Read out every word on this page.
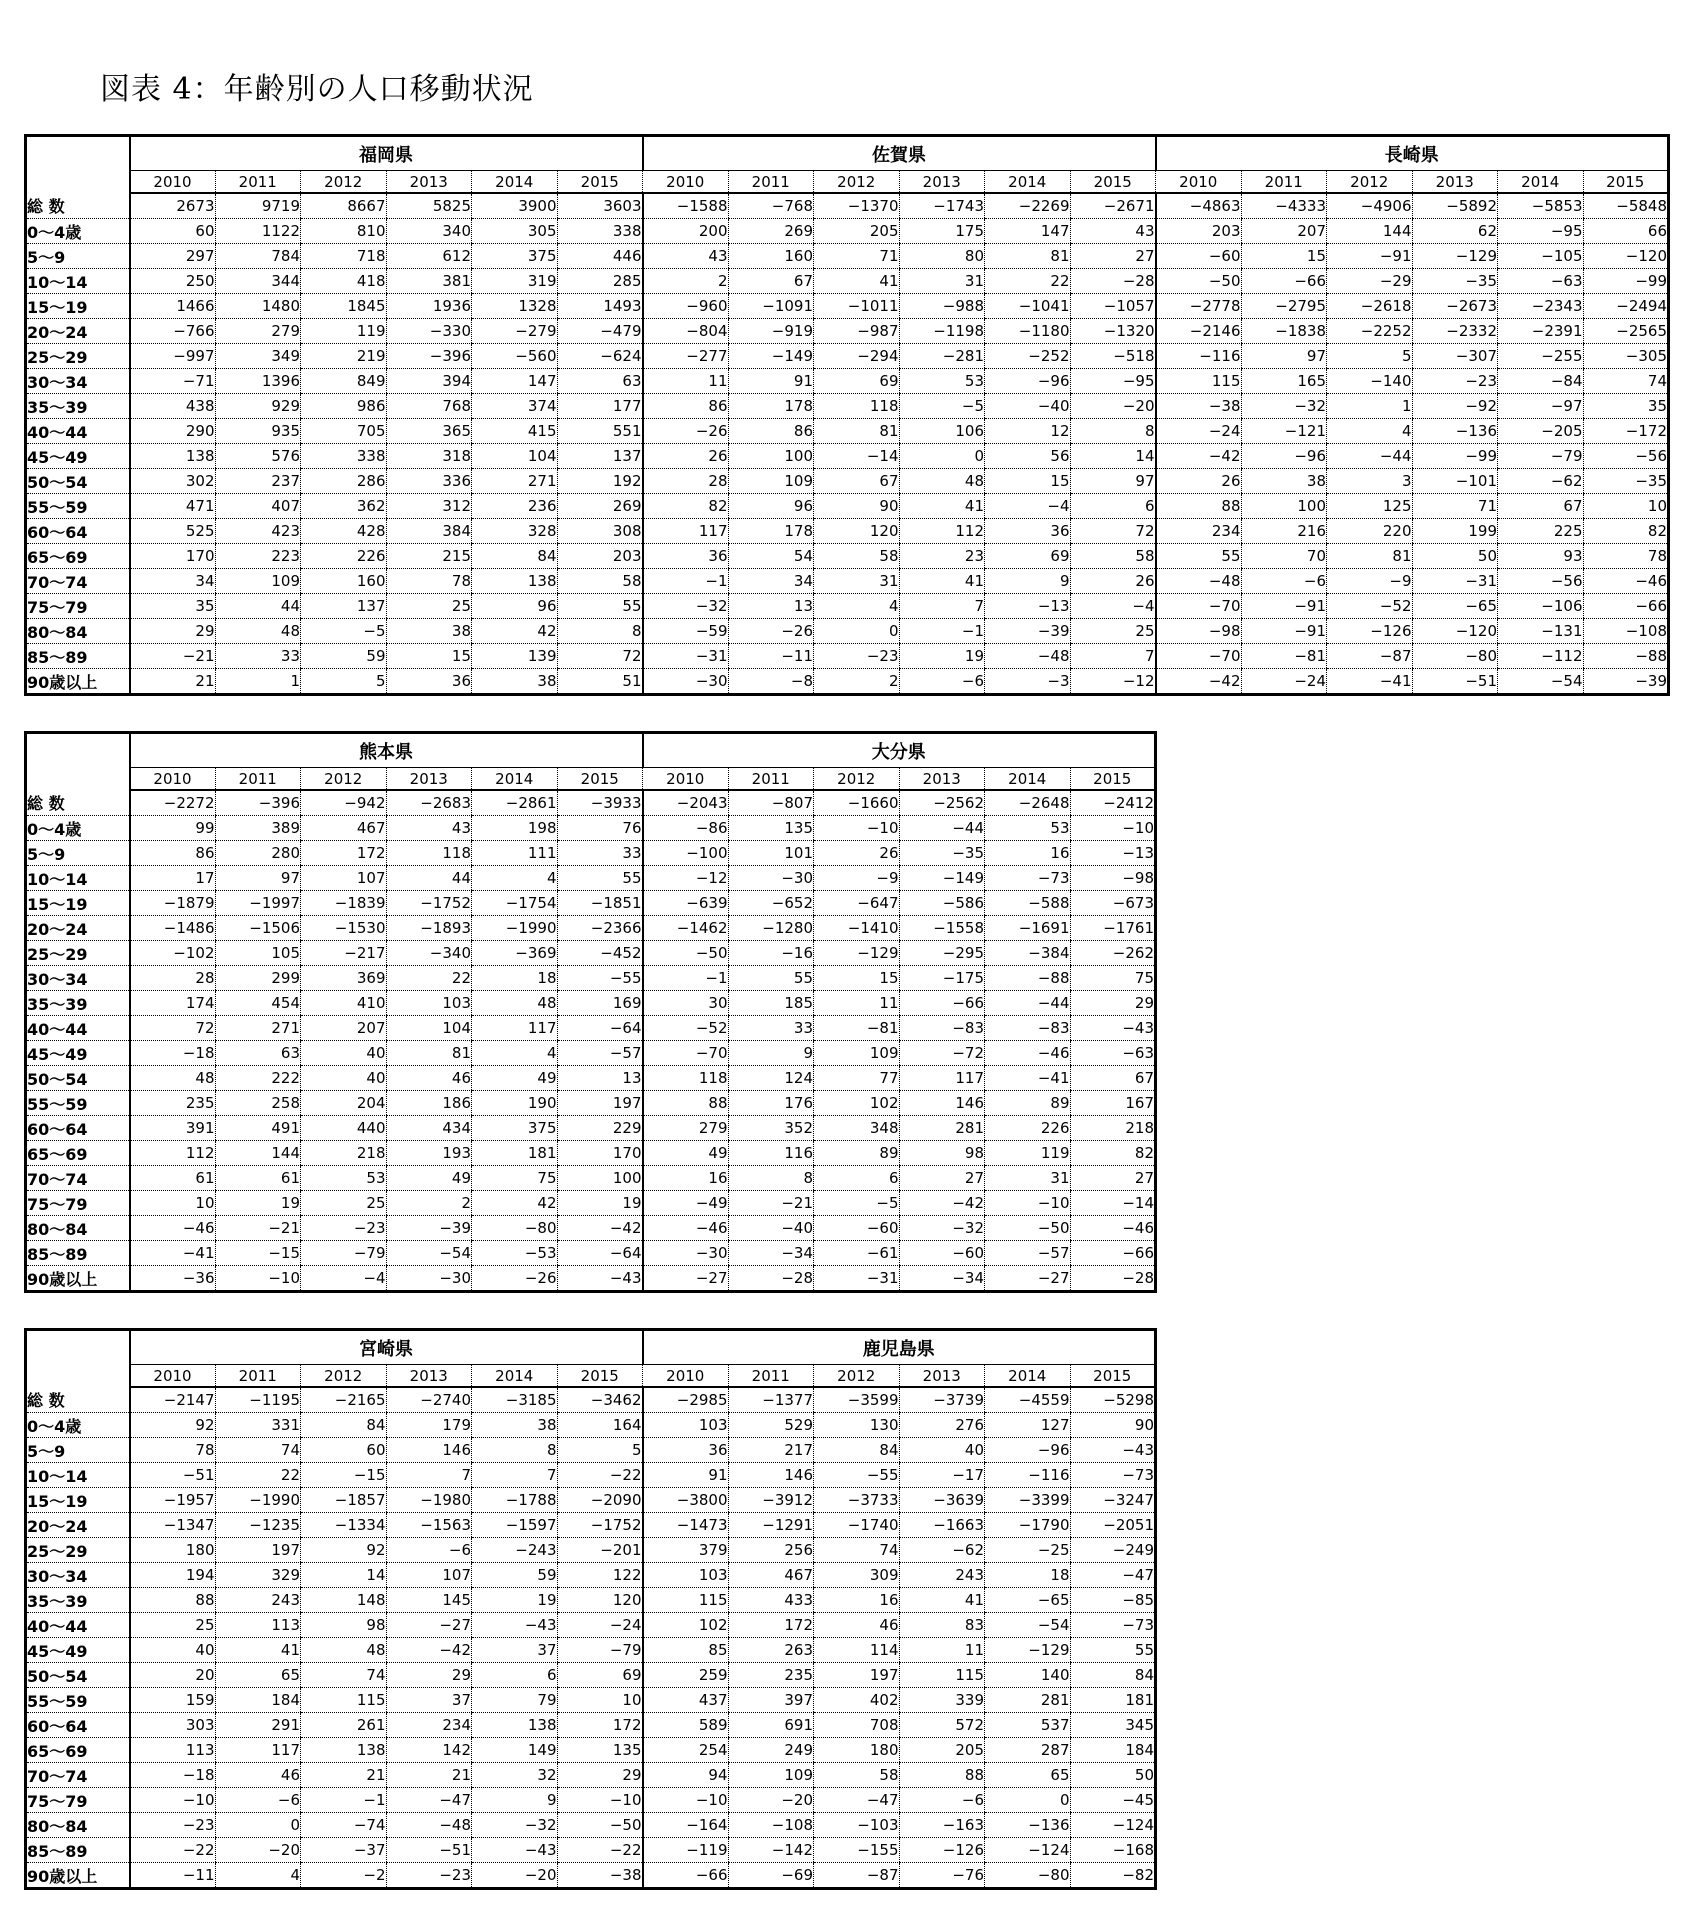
図表 4：年齢別の人口移動状況
	福岡県						佐賀県						長崎県					
	2010	2011	2012	2013	2014	2015	2010	2011	2012	2013	2014	2015	2010	2011	2012	2013	2014	2015
総 数	2673	9719	8667	5825	3900	3603	−1588	−768	−1370	−1743	−2269	−2671	−4863	−4333	−4906	−5892	−5853	−5848
0～4歳	60	1122	810	340	305	338	200	269	205	175	147	43	203	207	144	62	−95	66
5～9	297	784	718	612	375	446	43	160	71	80	81	27	−60	15	−91	−129	−105	−120
10～14	250	344	418	381	319	285	2	67	41	31	22	−28	−50	−66	−29	−35	−63	−99
15～19	1466	1480	1845	1936	1328	1493	−960	−1091	−1011	−988	−1041	−1057	−2778	−2795	−2618	−2673	−2343	−2494
20～24	−766	279	119	−330	−279	−479	−804	−919	−987	−1198	−1180	−1320	−2146	−1838	−2252	−2332	−2391	−2565
25～29	−997	349	219	−396	−560	−624	−277	−149	−294	−281	−252	−518	−116	97	5	−307	−255	−305
30～34	−71	1396	849	394	147	63	11	91	69	53	−96	−95	115	165	−140	−23	−84	74
35～39	438	929	986	768	374	177	86	178	118	−5	−40	−20	−38	−32	1	−92	−97	35
40～44	290	935	705	365	415	551	−26	86	81	106	12	8	−24	−121	4	−136	−205	−172
45～49	138	576	338	318	104	137	26	100	−14	0	56	14	−42	−96	−44	−99	−79	−56
50～54	302	237	286	336	271	192	28	109	67	48	15	97	26	38	3	−101	−62	−35
55～59	471	407	362	312	236	269	82	96	90	41	−4	6	88	100	125	71	67	10
60～64	525	423	428	384	328	308	117	178	120	112	36	72	234	216	220	199	225	82
65～69	170	223	226	215	84	203	36	54	58	23	69	58	55	70	81	50	93	78
70～74	34	109	160	78	138	58	−1	34	31	41	9	26	−48	−6	−9	−31	−56	−46
75～79	35	44	137	25	96	55	−32	13	4	7	−13	−4	−70	−91	−52	−65	−106	−66
80～84	29	48	−5	38	42	8	−59	−26	0	−1	−39	25	−98	−91	−126	−120	−131	−108
85～89	−21	33	59	15	139	72	−31	−11	−23	19	−48	7	−70	−81	−87	−80	−112	−88
90歳以上	21	1	5	36	38	51	−30	−8	2	−6	−3	−12	−42	−24	−41	−51	−54	−39
	熊本県						大分県					
	2010	2011	2012	2013	2014	2015	2010	2011	2012	2013	2014	2015
総 数	−2272	−396	−942	−2683	−2861	−3933	−2043	−807	−1660	−2562	−2648	−2412
0～4歳	99	389	467	43	198	76	−86	135	−10	−44	53	−10
5～9	86	280	172	118	111	33	−100	101	26	−35	16	−13
10～14	17	97	107	44	4	55	−12	−30	−9	−149	−73	−98
15～19	−1879	−1997	−1839	−1752	−1754	−1851	−639	−652	−647	−586	−588	−673
20～24	−1486	−1506	−1530	−1893	−1990	−2366	−1462	−1280	−1410	−1558	−1691	−1761
25～29	−102	105	−217	−340	−369	−452	−50	−16	−129	−295	−384	−262
30～34	28	299	369	22	18	−55	−1	55	15	−175	−88	75
35～39	174	454	410	103	48	169	30	185	11	−66	−44	29
40～44	72	271	207	104	117	−64	−52	33	−81	−83	−83	−43
45～49	−18	63	40	81	4	−57	−70	9	109	−72	−46	−63
50～54	48	222	40	46	49	13	118	124	77	117	−41	67
55～59	235	258	204	186	190	197	88	176	102	146	89	167
60～64	391	491	440	434	375	229	279	352	348	281	226	218
65～69	112	144	218	193	181	170	49	116	89	98	119	82
70～74	61	61	53	49	75	100	16	8	6	27	31	27
75～79	10	19	25	2	42	19	−49	−21	−5	−42	−10	−14
80～84	−46	−21	−23	−39	−80	−42	−46	−40	−60	−32	−50	−46
85～89	−41	−15	−79	−54	−53	−64	−30	−34	−61	−60	−57	−66
90歳以上	−36	−10	−4	−30	−26	−43	−27	−28	−31	−34	−27	−28
	宮崎県						鹿児島県					
	2010	2011	2012	2013	2014	2015	2010	2011	2012	2013	2014	2015
総 数	−2147	−1195	−2165	−2740	−3185	−3462	−2985	−1377	−3599	−3739	−4559	−5298
0～4歳	92	331	84	179	38	164	103	529	130	276	127	90
5～9	78	74	60	146	8	5	36	217	84	40	−96	−43
10～14	−51	22	−15	7	7	−22	91	146	−55	−17	−116	−73
15～19	−1957	−1990	−1857	−1980	−1788	−2090	−3800	−3912	−3733	−3639	−3399	−3247
20～24	−1347	−1235	−1334	−1563	−1597	−1752	−1473	−1291	−1740	−1663	−1790	−2051
25～29	180	197	92	−6	−243	−201	379	256	74	−62	−25	−249
30～34	194	329	14	107	59	122	103	467	309	243	18	−47
35～39	88	243	148	145	19	120	115	433	16	41	−65	−85
40～44	25	113	98	−27	−43	−24	102	172	46	83	−54	−73
45～49	40	41	48	−42	37	−79	85	263	114	11	−129	55
50～54	20	65	74	29	6	69	259	235	197	115	140	84
55～59	159	184	115	37	79	10	437	397	402	339	281	181
60～64	303	291	261	234	138	172	589	691	708	572	537	345
65～69	113	117	138	142	149	135	254	249	180	205	287	184
70～74	−18	46	21	21	32	29	94	109	58	88	65	50
75～79	−10	−6	−1	−47	9	−10	−10	−20	−47	−6	0	−45
80～84	−23	0	−74	−48	−32	−50	−164	−108	−103	−163	−136	−124
85～89	−22	−20	−37	−51	−43	−22	−119	−142	−155	−126	−124	−168
90歳以上	−11	4	−2	−23	−20	−38	−66	−69	−87	−76	−80	−82
